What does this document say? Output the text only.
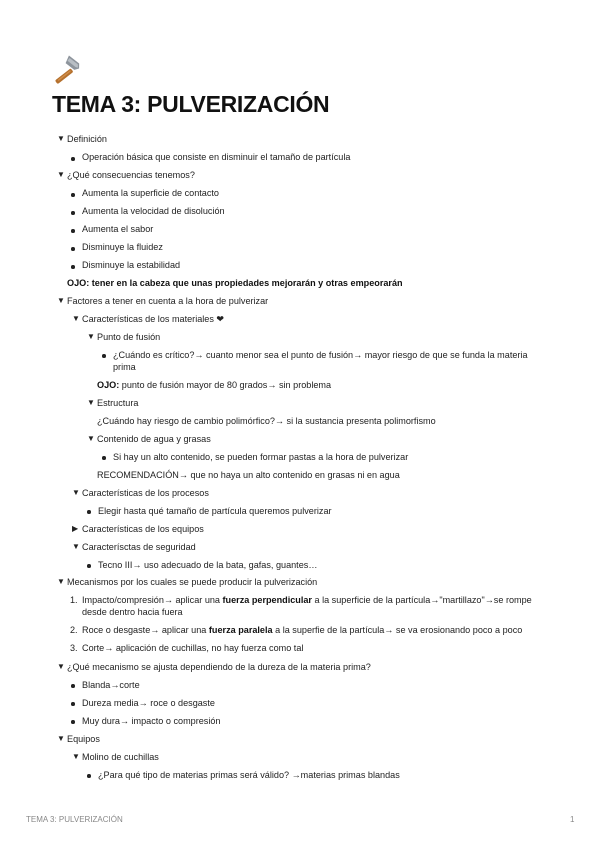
TEMA 3: PULVERIZACIÓN
▼ Definición
Operación básica que consiste en disminuir el tamaño de partícula
▼ ¿Qué consecuencias tenemos?
Aumenta la superficie de contacto
Aumenta la velocidad de disolución
Aumenta el sabor
Disminuye la fluidez
Disminuye la estabilidad
OJO: tener en la cabeza que unas propiedades mejorarán y otras empeorarán
▼ Factores a tener en cuenta a la hora de pulverizar
▼ Características de los materiales ❤
▼ Punto de fusión
¿Cuándo es crítico?→ cuanto menor sea el punto de fusión→ mayor riesgo de que se funda la materia
prima
OJO: punto de fusión mayor de 80 grados→ sin problema
▼ Estructura
¿Cuándo hay riesgo de cambio polimórfico?→ si la sustancia presenta polimorfismo
▼ Contenido de agua y grasas
Si hay un alto contenido, se pueden formar pastas a la hora de pulverizar
RECOMENDACIÓN→ que no haya un alto contenido en grasas ni en agua
▼ Características de los procesos
Elegir hasta qué tamaño de partícula queremos pulverizar
▶ Características de los equipos
▼ Caracterísctas de seguridad
Tecno III→ uso adecuado de la bata, gafas, guantes…
▼ Mecanismos por los cuales se puede producir la pulverización
1. Impacto/compresión→ aplicar una fuerza perpendicular a la superficie de la partícula→"martillazo"→se rompe
desde dentro hacia fuera
2. Roce o desgaste→ aplicar una fuerza paralela a la superfie de la partícula→ se va erosionando poco a poco
3. Corte→ aplicación de cuchillas, no hay fuerza como tal
▼ ¿Qué mecanismo se ajusta dependiendo de la dureza de la materia prima?
Blanda→corte
Dureza media→ roce o desgaste
Muy dura→ impacto o compresión
▼ Equipos
▼ Molino de cuchillas
¿Para qué tipo de materias primas será válido? →materias primas blandas
TEMA 3: PULVERIZACIÓN	1
